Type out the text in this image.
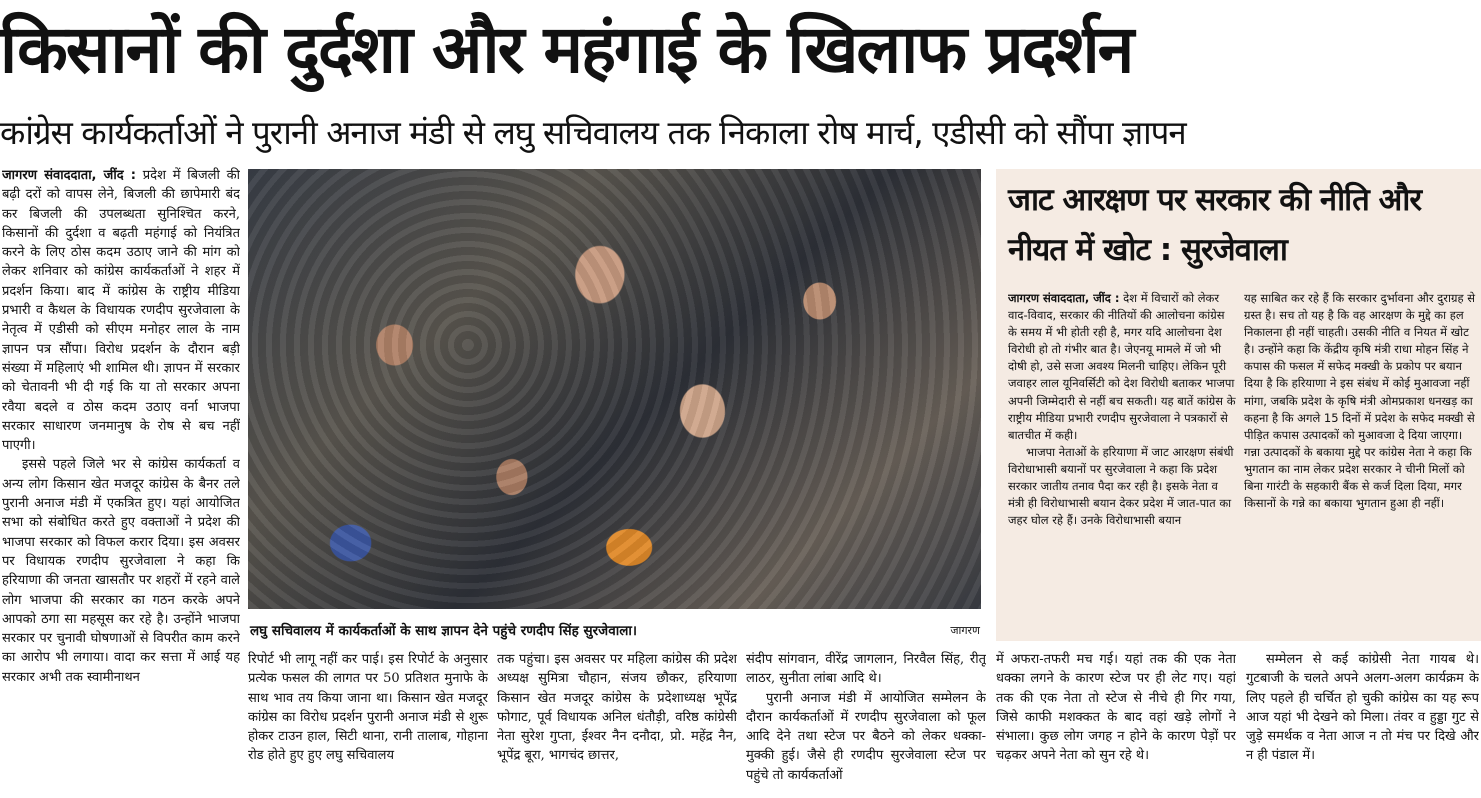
किसानों की दुर्दशा और महंगाई के खिलाफ प्रदर्शन
कांग्रेस कार्यकर्ताओं ने पुरानी अनाज मंडी से लघु सचिवालय तक निकाला रोष मार्च, एडीसी को सौंपा ज्ञापन

जागरण संवाददाता, जींद : प्रदेश में बिजली की बढ़ी दरों को वापस लेने, बिजली की छापेमारी बंद कर बिजली की उपलब्धता सुनिश्चित करने, किसानों की दुर्दशा व बढ़ती महंगाई को नियंत्रित करने के लिए ठोस कदम उठाए जाने की मांग को लेकर शनिवार को कांग्रेस कार्यकर्ताओं ने शहर में प्रदर्शन किया। बाद में कांग्रेस के राष्ट्रीय मीडिया प्रभारी व कैथल के विधायक रणदीप सुरजेवाला के नेतृत्व में एडीसी को सीएम मनोहर लाल के नाम ज्ञापन पत्र सौंपा। विरोध प्रदर्शन के दौरान बड़ी संख्या में महिलाएं भी शामिल थी। ज्ञापन में सरकार को चेतावनी भी दी गई कि या तो सरकार अपना रवैया बदले व ठोस कदम उठाए वर्ना भाजपा सरकार साधारण जनमानुष के रोष से बच नहीं पाएगी।

इससे पहले जिले भर से कांग्रेस कार्यकर्ता व अन्य लोग किसान खेत मजदूर कांग्रेस के बैनर तले पुरानी अनाज मंडी में एकत्रित हुए। यहां आयोजित सभा को संबोधित करते हुए वक्ताओं ने प्रदेश की भाजपा सरकार को विफल करार दिया। इस अवसर पर विधायक रणदीप सुरजेवाला ने कहा कि हरियाणा की जनता खासतौर पर शहरों में रहने वाले लोग भाजपा की सरकार का गठन करके अपने आपको ठगा सा महसूस कर रहे है। उन्होंने भाजपा सरकार पर चुनावी घोषणाओं से विपरीत काम करने का आरोप भी लगाया। वादा कर सत्ता में आई यह सरकार अभी तक स्वामीनाथन

लघु सचिवालय में कार्यकर्ताओं के साथ ज्ञापन देने पहुंचे रणदीप सिंह सुरजेवाला।	जागरण

रिपोर्ट भी लागू नहीं कर पाई। इस रिपोर्ट के अनुसार प्रत्येक फसल की लागत पर 50 प्रतिशत मुनाफे के साथ भाव तय किया जाना था। किसान खेत मजदूर कांग्रेस का विरोध प्रदर्शन पुरानी अनाज मंडी से शुरू होकर टाउन हाल, सिटी थाना, रानी तालाब, गोहाना रोड होते हुए हुए लघु सचिवालय

तक पहुंचा। इस अवसर पर महिला कांग्रेस की प्रदेश अध्यक्ष सुमित्रा चौहान, संजय छौकर, हरियाणा किसान खेत मजदूर कांग्रेस के प्रदेशाध्यक्ष भूपेंद्र फोगाट, पूर्व विधायक अनिल धंतौड़ी, वरिष्ठ कांग्रेसी नेता सुरेश गुप्ता, ईश्वर नैन दनौदा, प्रो. महेंद्र नैन, भूपेंद्र बूरा, भागचंद छात्तर,

संदीप सांगवान, वीरेंद्र जागलान, निरवैल सिंह, रीतू लाठर, सुनीता लांबा आदि थे।

पुरानी अनाज मंडी में आयोजित सम्मेलन के दौरान कार्यकर्ताओं में रणदीप सुरजेवाला को फूल आदि देने तथा स्टेज पर बैठने को लेकर धक्का-मुक्की हुई। जैसे ही रणदीप सुरजेवाला स्टेज पर पहुंचे तो कार्यकर्ताओं

में अफरा-तफरी मच गई। यहां तक की एक नेता धक्का लगने के कारण स्टेज पर ही लेट गए। यहां तक की एक नेता तो स्टेज से नीचे ही गिर गया, जिसे काफी मशक्कत के बाद वहां खड़े लोगों ने संभाला। कुछ लोग जगह न होने के कारण पेड़ों पर चढ़कर अपने नेता को सुन रहे थे।

सम्मेलन से कई कांग्रेसी नेता गायब थे। गुटबाजी के चलते अपने अलग-अलग कार्यक्रम के लिए पहले ही चर्चित हो चुकी कांग्रेस का यह रूप आज यहां भी देखने को मिला। तंवर व हुड्डा गुट से जुड़े समर्थक व नेता आज न तो मंच पर दिखे और न ही पंडाल में।

जाट आरक्षण पर सरकार की नीति और नीयत में खोट : सुरजेवाला

जागरण संवाददाता, जींद : देश में विचारों को लेकर वाद-विवाद, सरकार की नीतियों की आलोचना कांग्रेस के समय में भी होती रही है, मगर यदि आलोचना देश विरोधी हो तो गंभीर बात है। जेएनयू मामले में जो भी दोषी हो, उसे सजा अवश्य मिलनी चाहिए। लेकिन पूरी जवाहर लाल यूनिवर्सिटी को देश विरोधी बताकर भाजपा अपनी जिम्मेदारी से नहीं बच सकती। यह बातें कांग्रेस के राष्ट्रीय मीडिया प्रभारी रणदीप सुरजेवाला ने पत्रकारों से बातचीत में कही।

भाजपा नेताओं के हरियाणा में जाट आरक्षण संबंधी विरोधाभासी बयानों पर सुरजेवाला ने कहा कि प्रदेश सरकार जातीय तनाव पैदा कर रही है। इसके नेता व मंत्री ही विरोधाभासी बयान देकर प्रदेश में जात-पात का जहर घोल रहे हैं। उनके विरोधाभासी बयान

यह साबित कर रहे हैं कि सरकार दुर्भावना और दुराग्रह से ग्रस्त है। सच तो यह है कि वह आरक्षण के मुद्दे का हल निकालना ही नहीं चाहती। उसकी नीति व नियत में खोट है। उन्होंने कहा कि केंद्रीय कृषि मंत्री राधा मोहन सिंह ने कपास की फसल में सफेद मक्खी के प्रकोप पर बयान दिया है कि हरियाणा ने इस संबंध में कोई मुआवजा नहीं मांगा, जबकि प्रदेश के कृषि मंत्री ओमप्रकाश धनखड़ का कहना है कि अगले 15 दिनों में प्रदेश के सफेद मक्खी से पीड़ित कपास उत्पादकों को मुआवजा दे दिया जाएगा। गन्ना उत्पादकों के बकाया मुद्दे पर कांग्रेस नेता ने कहा कि भुगतान का नाम लेकर प्रदेश सरकार ने चीनी मिलों को बिना गारंटी के सहकारी बैंक से कर्ज दिला दिया, मगर किसानों के गन्ने का बकाया भुगतान हुआ ही नहीं।
